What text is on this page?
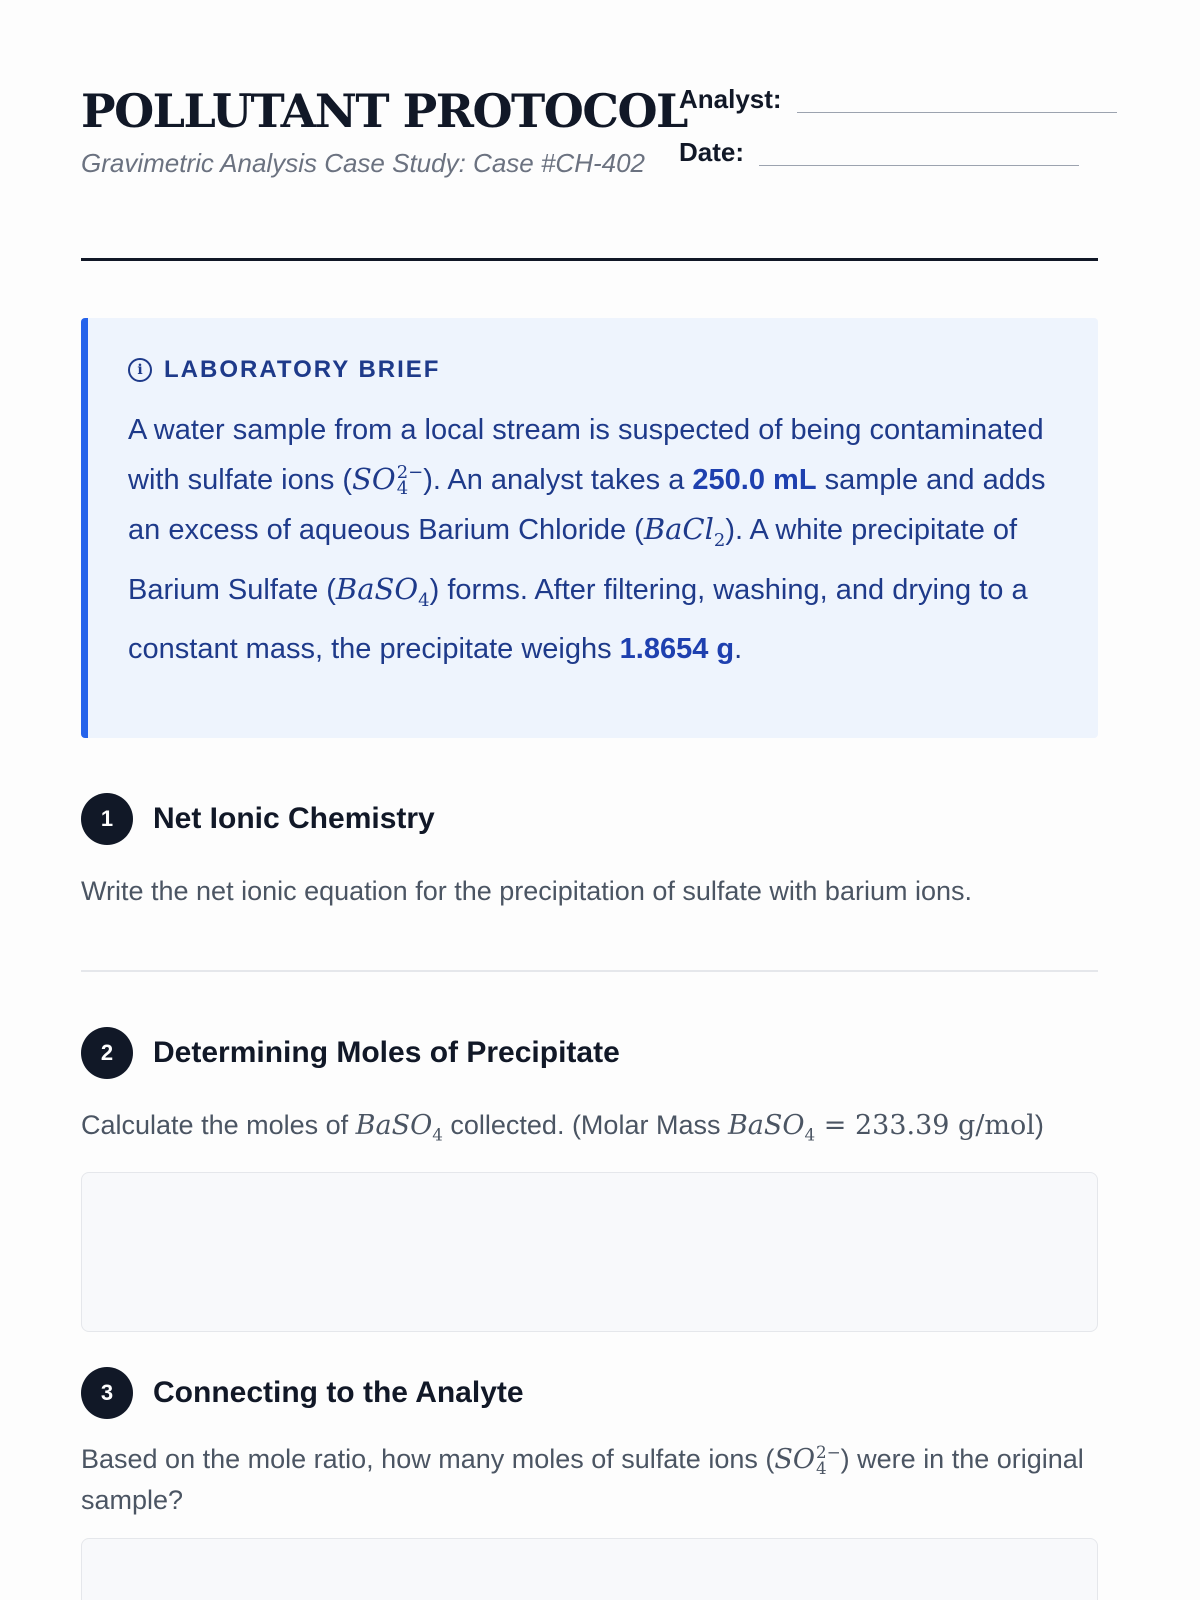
POLLUTANT PROTOCOL
Gravimetric Analysis Case Study: Case #CH-402
Analyst:
Date:
i LABORATORY BRIEF

A water sample from a local stream is suspected of being contaminated with sulfate ions (SO 2−
4 ). An analyst takes a 250.0 mL sample and adds an excess of aqueous Barium Chloride (BaCl$_2$). A white precipitate of Barium Sulfate (BaSO$_4$) forms. After filtering, washing, and drying to a constant mass, the precipitate weighs 1.8654 g.

1	Net Ionic Chemistry

Write the net ionic equation for the precipitation of sulfate with barium ions.

2	Determining Moles of Precipitate

Calculate the moles of BaSO$_4$ collected. (Molar Mass BaSO$_4$ = 233.39 g/mol)

3	Connecting to the Analyte

Based on the mole ratio, how many moles of sulfate ions (SO 2−
4 ) were in the original sample?
